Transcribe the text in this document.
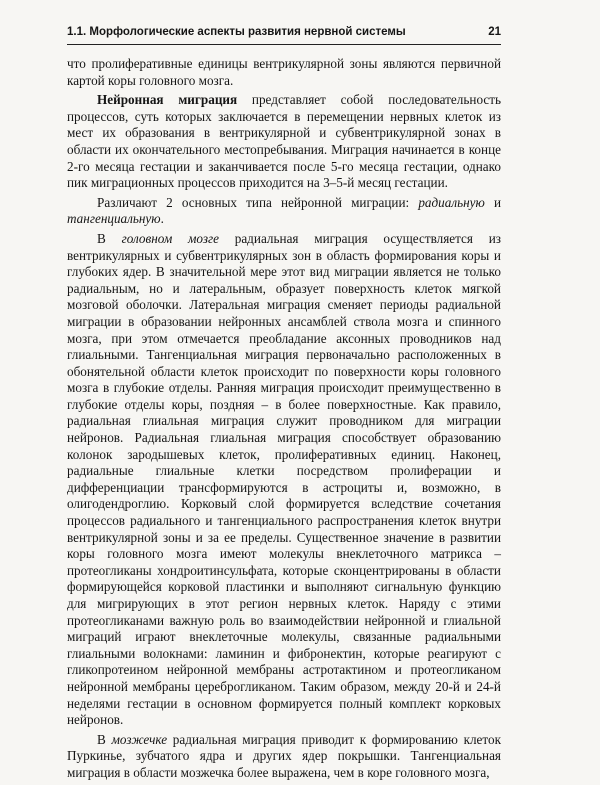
1.1. Морфологические аспекты развития нервной системы	21

что пролиферативные единицы вентрикулярной зоны являются первичной картой коры головного мозга.

Нейронная миграция представляет собой последовательность процессов, суть которых заключается в перемещении нервных клеток из мест их образования в вентрикулярной и субвентрикулярной зонах в области их окончательного местопребывания. Миграция начинается в конце 2-го месяца гестации и заканчивается после 5-го месяца гестации, однако пик миграционных процессов приходится на 3–5-й месяц гестации.

Различают 2 основных типа нейронной миграции: радиальную и тангенциальную.

В головном мозге радиальная миграция осуществляется из вентрикулярных и субвентрикулярных зон в область формирования коры и глубоких ядер. В значительной мере этот вид миграции является не только радиальным, но и латеральным, образует поверхность клеток мягкой мозговой оболочки. Латеральная миграция сменяет периоды радиальной миграции в образовании нейронных ансамблей ствола мозга и спинного мозга, при этом отмечается преобладание аксонных проводников над глиальными. Тангенциальная миграция первоначально расположенных в обонятельной области клеток происходит по поверхности коры головного мозга в глубокие отделы. Ранняя миграция происходит преимущественно в глубокие отделы коры, поздняя – в более поверхностные. Как правило, радиальная глиальная миграция служит проводником для миграции нейронов. Радиальная глиальная миграция способствует образованию колонок зародышевых клеток, пролиферативных единиц. Наконец, радиальные глиальные клетки посредством пролиферации и дифференциации трансформируются в астроциты и, возможно, в олигодендроглию. Корковый слой формируется вследствие сочетания процессов радиального и тангенциального распространения клеток внутри вентрикулярной зоны и за ее пределы. Существенное значение в развитии коры головного мозга имеют молекулы внеклеточного матрикса – протеогликаны хондроитинсульфата, которые сконцентрированы в области формирующейся корковой пластинки и выполняют сигнальную функцию для мигрирующих в этот регион нервных клеток. Наряду с этими протеогликанами важную роль во взаимодействии нейронной и глиальной миграций играют внеклеточные молекулы, связанные радиальными глиальными волокнами: ламинин и фибронектин, которые реагируют с гликопротеином нейронной мембраны астротактином и протеогликаном нейронной мембраны цереброгликаном. Таким образом, между 20-й и 24-й неделями гестации в основном формируется полный комплект корковых нейронов.

В мозжечке радиальная миграция приводит к формированию клеток Пуркинье, зубчатого ядра и других ядер покрышки. Тангенциальная миграция в области мозжечка более выражена, чем в коре головного мозга,
